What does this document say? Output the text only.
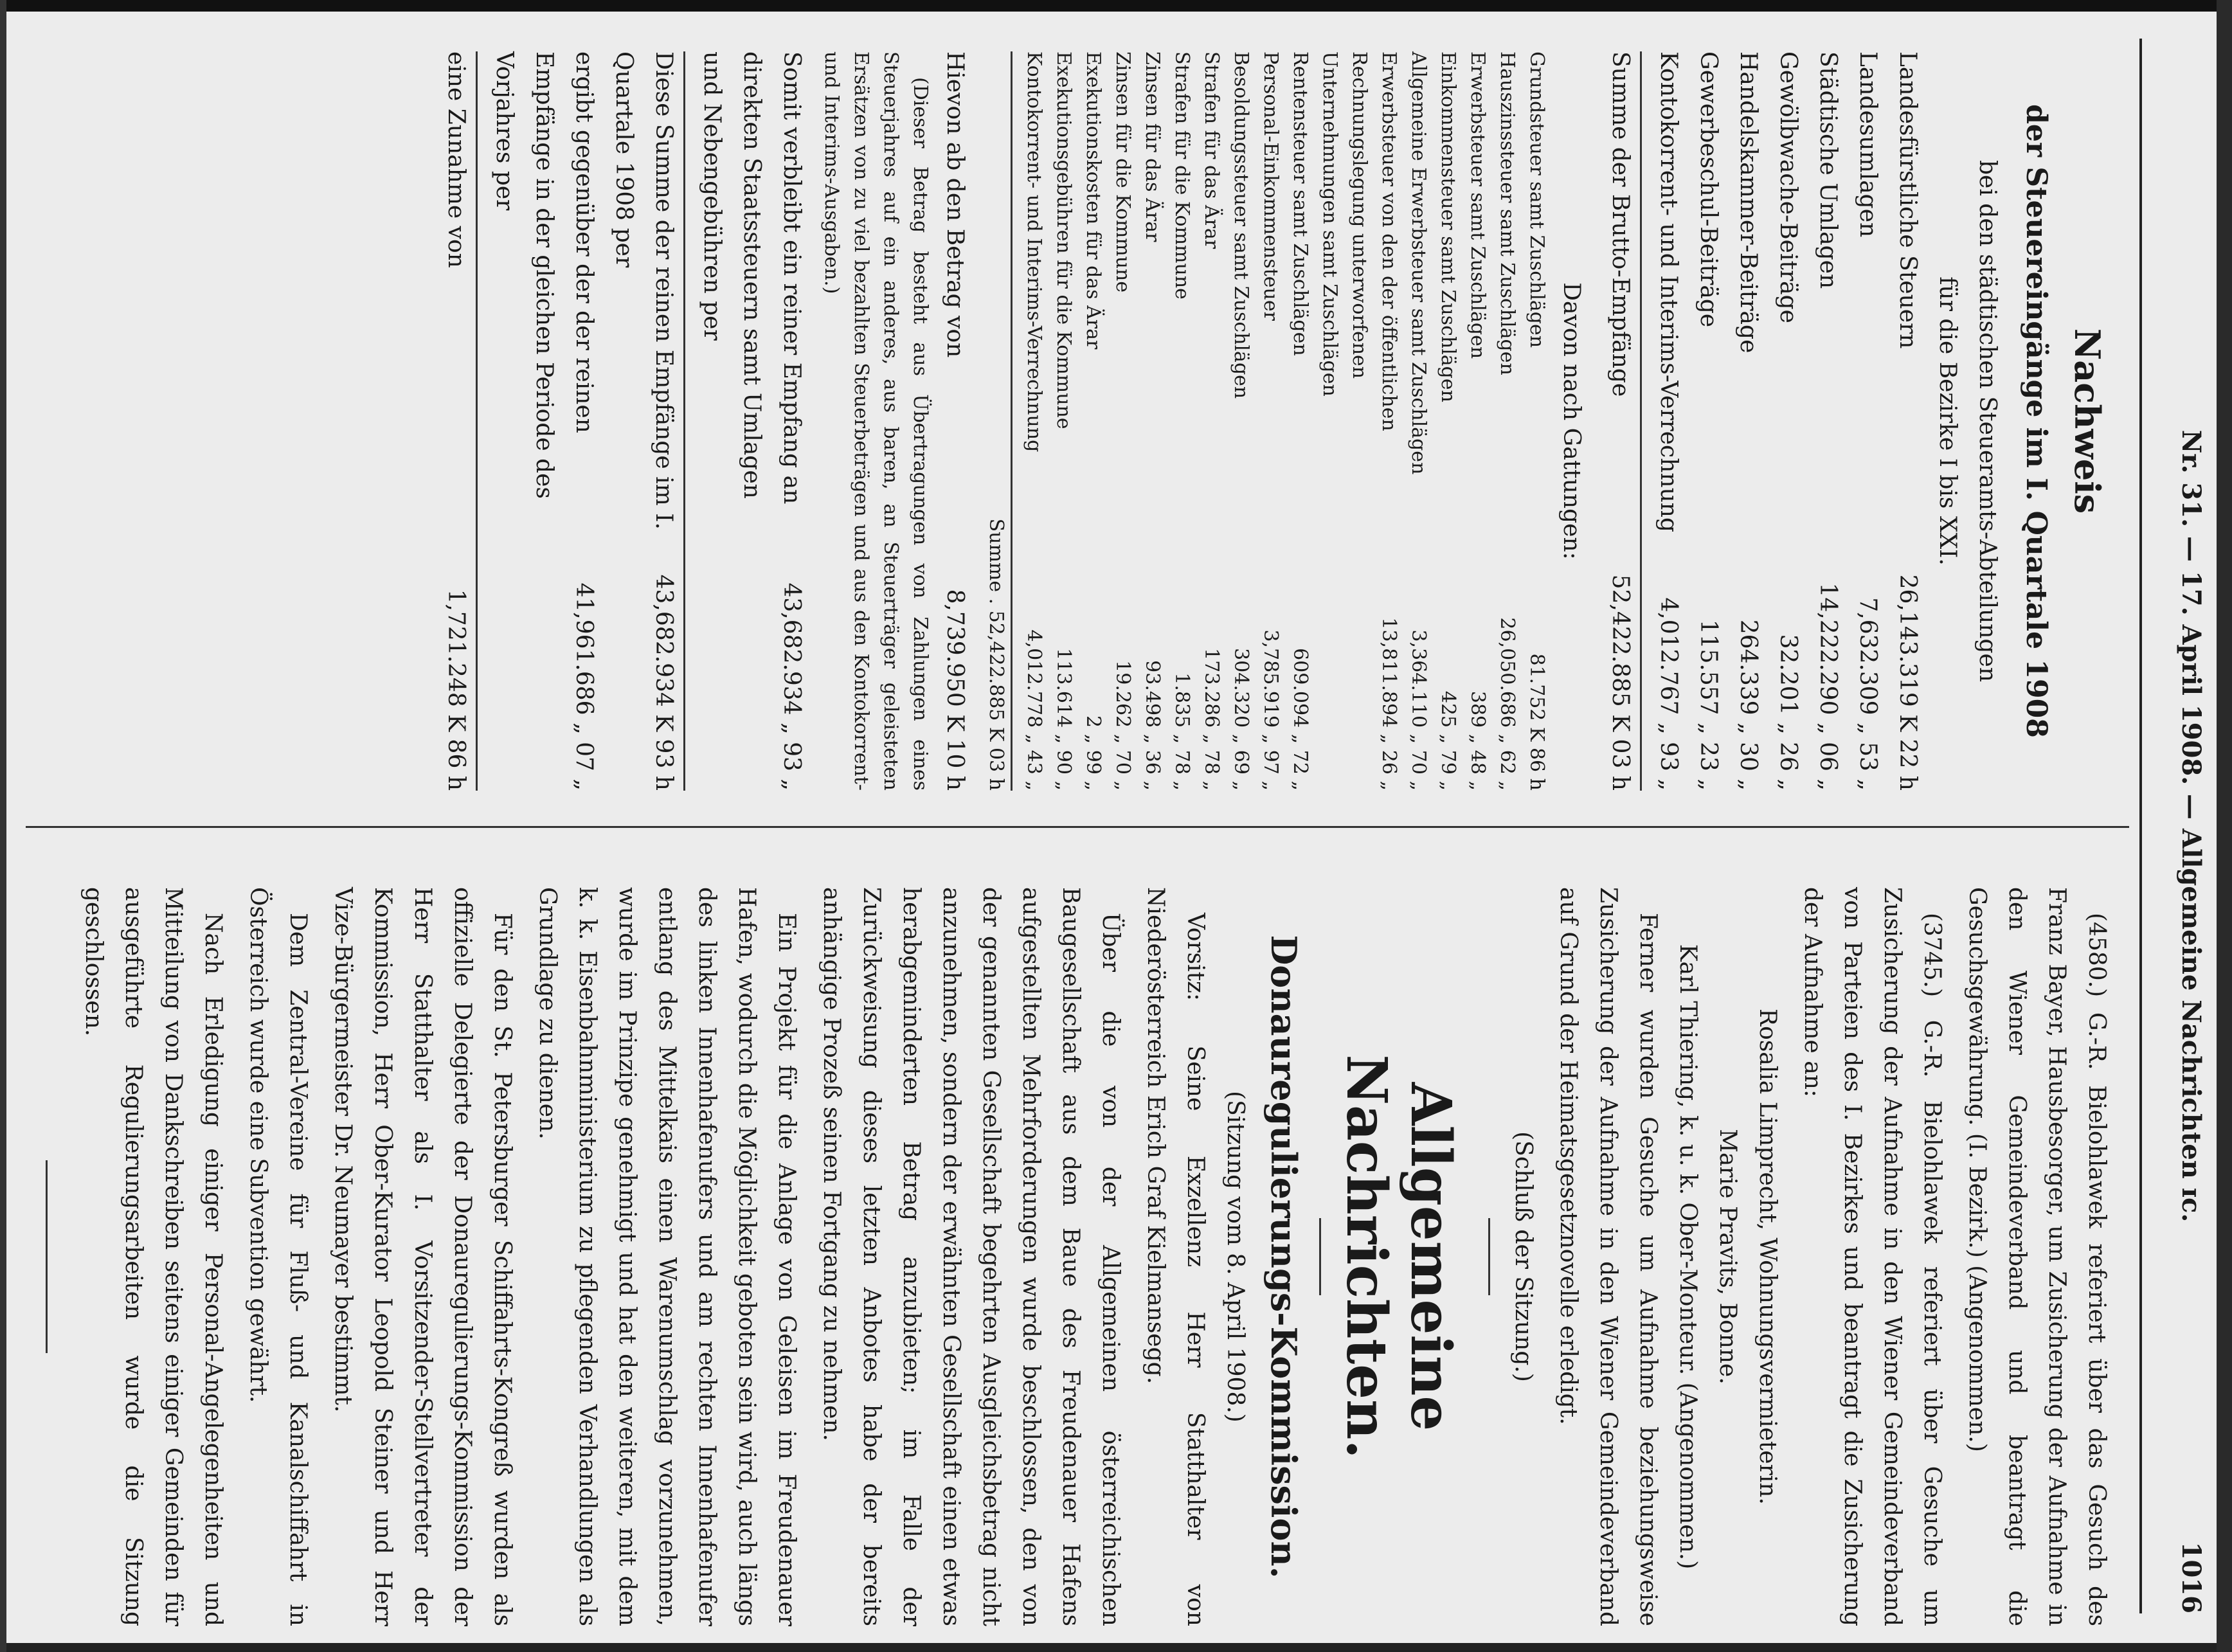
Nr. 31. — 17. April 1908. — Allgemeine Nachrichten ɪc.
1016

(4580.) G.-R. Bielohlawek referiert über das Gesuch des Franz Bayer, Hausbesorger, um Zusicherung der Aufnahme in den Wiener Gemeindeverband und beantragt die Gesuchsgewährung. (I. Bezirk.) (Angenommen.)

(3745.) G.-R. Bielohlawek referiert über Gesuche um Zusicherung der Aufnahme in den Wiener Gemeindeverband von Parteien des I. Bezirkes und beantragt die Zusicherung der Aufnahme an:

Rosalia Limprecht, Wohnungsvermieterin.
Marie Pravits, Bonne.
Karl Thiering, k. u. k. Ober-Monteur. (Angenommen.)

Ferner wurden Gesuche um Aufnahme beziehungsweise Zusicherung der Aufnahme in den Wiener Gemeindeverband auf Grund der Heimatsgesetznovelle erledigt.

(Schluß der Sitzung.)
Allgemeine Nachrichten.
Donauregulierungs-Kommission.
(Sitzung vom 8. April 1908.)

Vorsitz: Seine Exzellenz Herr Statthalter von Niederösterreich Erich Graf Kielmansegg.

Über die von der Allgemeinen österreichischen Baugesellschaft aus dem Baue des Freudenauer Hafens aufgestellten Mehrforderungen wurde beschlossen, den von der genannten Gesellschaft begehrten Ausgleichsbetrag nicht anzunehmen, sondern der erwähnten Gesellschaft einen etwas herabgeminderten Betrag anzubieten; im Falle der Zurückweisung dieses letzten Anbotes habe der bereits anhängige Prozeß seinen Fortgang zu nehmen.

Ein Projekt für die Anlage von Geleisen im Freudenauer Hafen, wodurch die Möglichkeit geboten sein wird, auch längs des linken Innenhafenufers und am rechten Innenhafenufer entlang des Mittelkais einen Warenumschlag vorzunehmen, wurde im Prinzipe genehmigt und hat den weiteren, mit dem k. k. Eisenbahnministerium zu pflegenden Verhandlungen als Grundlage zu dienen.

Für den St. Petersburger Schiffahrts-Kongreß wurden als offizielle Delegierte der Donauregulierungs-Kommission der Herr Statthalter als I. Vorsitzender-Stellvertreter der Kommission, Herr Ober-Kurator Leopold Steiner und Herr Vize-Bürgermeister Dr. Neumayer bestimmt.

Dem Zentral-Vereine für Fluß- und Kanalschiffahrt in Österreich wurde eine Subvention gewährt.

Nach Erledigung einiger Personal-Angelegenheiten und Mitteilung von Dankschreiben seitens einiger Gemeinden für ausgeführte Regulierungsarbeiten wurde die Sitzung geschlossen.

Nachweis
der Steuereingänge im I. Quartale 1908
bei den städtischen Steueramts-Abteilungen
für die Bezirke I bis XXI.
Landesfürstliche Steuern
26,143.319 K 22 h
Landesumlagen
7,632.309 „ 53 „
Städtische Umlagen
14,222.290 „ 06 „
Gewölbwache-Beiträge
32.201 „ 26 „
Handelskammer-Beiträge
264.339 „ 30 „
Gewerbeschul-Beiträge
115.557 „ 23 „
Kontokorrent- und Interims-Verrechnung
4,012.767 „ 93 „
Summe der Brutto-Empfänge
52,422.885 K 03 h
Davon nach Gattungen:
Grundsteuer samt Zuschlägen
81.752 K 86 h
Hauszinssteuer samt Zuschlägen
26,050.686 „ 62 „
Erwerbsteuer samt Zuschlägen
389 „ 48 „
Einkommensteuer samt Zuschlägen
425 „ 79 „
Allgemeine Erwerbsteuer samt Zuschlägen
3,364.110 „ 70 „
Erwerbsteuer von den der öffentlichen Rechnungslegung unterworfenen Unternehmungen samt Zuschlägen
13,811.894 „ 26 „
Rentensteuer samt Zuschlägen
609.094 „ 72 „
Personal-Einkommensteuer
3,785.919 „ 97 „
Besoldungssteuer samt Zuschlägen
304.320 „ 69 „
Strafen für das Ärar
173.286 „ 78 „
Strafen für die Kommune
1.835 „ 78 „
Zinsen für das Ärar
93.498 „ 36 „
Zinsen für die Kommune
19.262 „ 70 „
Exekutionskosten für das Ärar
2 „ 99 „
Exekutionsgebühren für die Kommune
113.614 „ 90 „
Kontokorrent- und Interims-Verrechnung
4,012.778 „ 43 „
Summe . 52,422.885 K 03 h
Hievon ab den Betrag von
8,739.950 K 10 h

(Dieser Betrag besteht aus Übertragungen von Zahlungen eines Steuerjahres auf ein anderes, aus baren, an Steuerträger geleisteten Ersätzen von zu viel bezahlten Steuerbeträgen und aus den Kontokorrent- und Interims-Ausgaben.)

Somit verbleibt ein reiner Empfang an direkten Staatssteuern samt Umlagen und Nebengebühren per
43,682.934 „ 93 „
Diese Summe der reinen Empfänge im I. Quartale 1908 per
43,682.934 K 93 h
ergibt gegenüber der der reinen Empfänge in der gleichen Periode des Vorjahres per
41,961.686 „ 07 „
eine Zunahme von
1,721.248 K 86 h
